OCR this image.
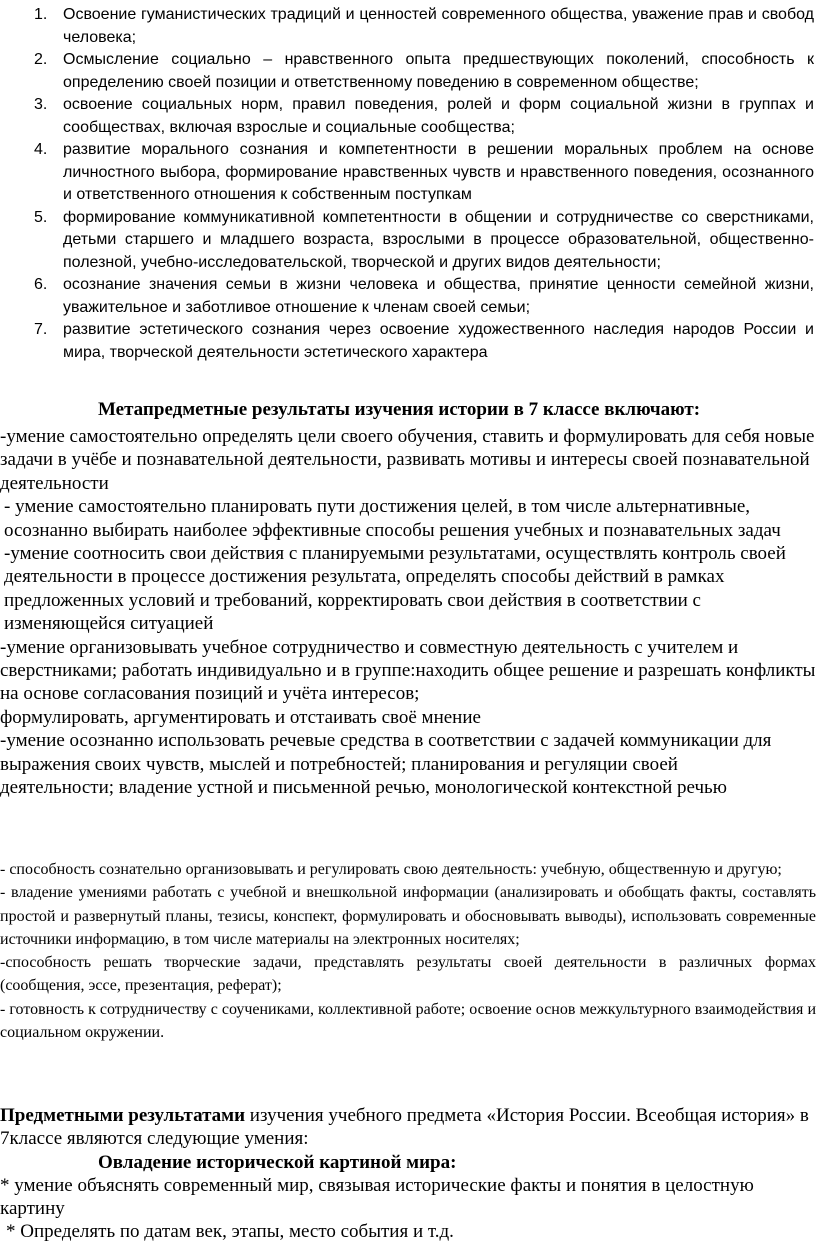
1. Освоение гуманистических традиций и ценностей современного общества, уважение прав и свобод человека;
2. Осмысление социально – нравственного опыта предшествующих поколений, способность к определению своей позиции и ответственному поведению в современном обществе;
3. освоение социальных норм, правил поведения, ролей и форм социальной жизни в группах и сообществах, включая взрослые и социальные сообщества;
4. развитие морального сознания и компетентности в решении моральных проблем на основе личностного выбора, формирование нравственных чувств и нравственного поведения, осознанного и ответственного отношения к собственным поступкам
5. формирование коммуникативной компетентности в общении и сотрудничестве со сверстниками, детьми старшего и младшего возраста, взрослыми в процессе образовательной, общественно-полезной, учебно-исследовательской, творческой и других видов деятельности;
6. осознание значения семьи в жизни человека и общества, принятие ценности семейной жизни, уважительное и заботливое отношение к членам своей семьи;
7. развитие эстетического сознания через освоение художественного наследия народов России и мира, творческой деятельности эстетического характера
Метапредметные результаты изучения истории в 7 классе включают:

-умение самостоятельно определять цели своего обучения, ставить и формулировать для себя новые задачи в учёбе и познавательной деятельности, развивать мотивы и интересы своей познавательной деятельности

- умение самостоятельно планировать пути достижения целей, в том числе альтернативные, осознанно выбирать наиболее эффективные способы решения учебных и познавательных задач

-умение соотносить свои действия с планируемыми результатами, осуществлять контроль своей деятельности в процессе достижения результата, определять способы действий в рамках предложенных условий и требований, корректировать свои действия в соответствии с изменяющейся ситуацией

-умение организовывать учебное сотрудничество и совместную деятельность с учителем и сверстниками; работать индивидуально и в группе:находить общее решение и разрешать конфликты на основе согласования позиций и учёта интересов;

формулировать, аргументировать и отстаивать своё мнение

-умение осознанно использовать речевые средства в соответствии с задачей коммуникации для выражения своих чувств, мыслей и потребностей; планирования и регуляции своей

деятельности; владение устной и письменной речью, монологической контекстной речью

- способность сознательно организовывать и регулировать свою деятельность: учебную, общественную и другую;

- владение умениями работать с учебной и внешкольной информации (анализировать и обобщать факты, составлять простой и развернутый планы, тезисы, конспект, формулировать и обосновывать выводы), использовать современные источники информацию, в том числе материалы на электронных носителях;

-способность решать творческие задачи, представлять результаты своей деятельности в различных формах (сообщения, эссе, презентация, реферат);

- готовность к сотрудничеству с соучениками, коллективной работе; освоение основ межкультурного взаимодействия и социальном окружении.

Предметными результатами изучения учебного предмета «История России. Всеобщая история» в 7классе являются следующие умения:

Овладение исторической картиной мира:

* умение объяснять современный мир, связывая исторические факты и понятия в целостную картину

* Определять по датам век, этапы, место события и т.д.
